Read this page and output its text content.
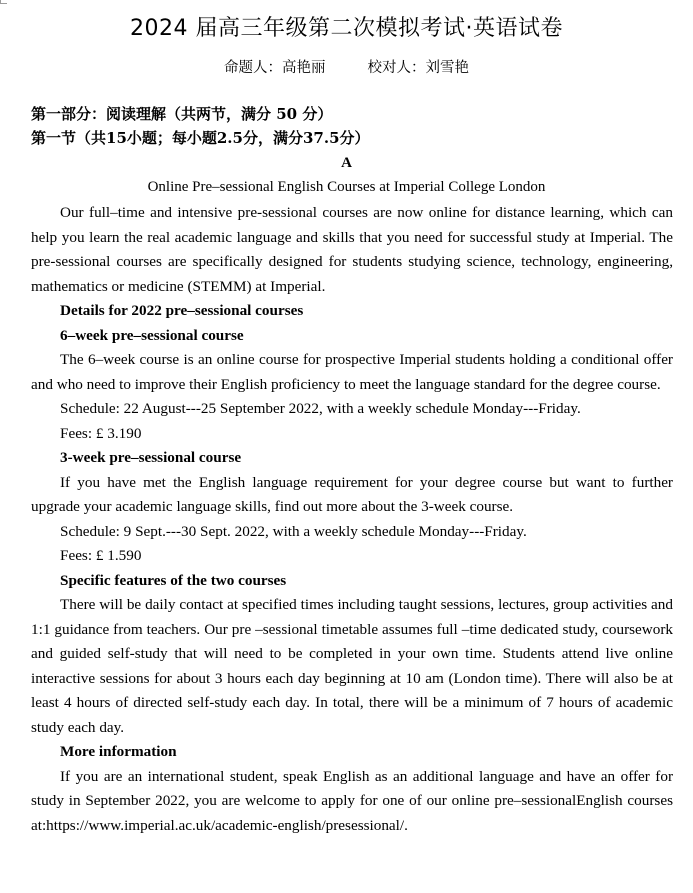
2024 届高三年级第二次模拟考试·英语试卷
命题人：高艳丽	校对人：刘雪艳
第一部分：阅读理解（共两节，满分 50 分）
第一节（共15小题；每小题2.5分，满分37.5分）
A
Online Pre–sessional English Courses at Imperial College London

Our full–time and intensive pre-sessional courses are now online for distance learning, which can help you learn the real academic language and skills that you need for successful study at Imperial. The pre-sessional courses are specifically designed for students studying science, technology, engineering, mathematics or medicine (STEMM) at Imperial.

Details for 2022 pre–sessional courses

6–week pre–sessional course

The 6–week course is an online course for prospective Imperial students holding a conditional offer and who need to improve their English proficiency to meet the language standard for the degree course.

Schedule: 22 August---25 September 2022, with a weekly schedule Monday---Friday.

Fees: £ 3.190

3-week pre–sessional course

If you have met the English language requirement for your degree course but want to further upgrade your academic language skills, find out more about the 3-week course.

Schedule: 9 Sept.---30 Sept. 2022, with a weekly schedule Monday---Friday.

Fees: £ 1.590

Specific features of the two courses

There will be daily contact at specified times including taught sessions, lectures, group activities and 1:1 guidance from teachers. Our pre –sessional timetable assumes full –time dedicated study, coursework and guided self-study that will need to be completed in your own time. Students attend live online interactive sessions for about 3 hours each day beginning at 10 am (London time). There will also be at least 4 hours of directed self-study each day. In total, there will be a minimum of 7 hours of academic study each day.

More information

If you are an international student, speak English as an additional language and have an offer for study in September 2022, you are welcome to apply for one of our online pre–sessionalEnglish courses at:https://www.imperial.ac.uk/academic-english/presessional/.
